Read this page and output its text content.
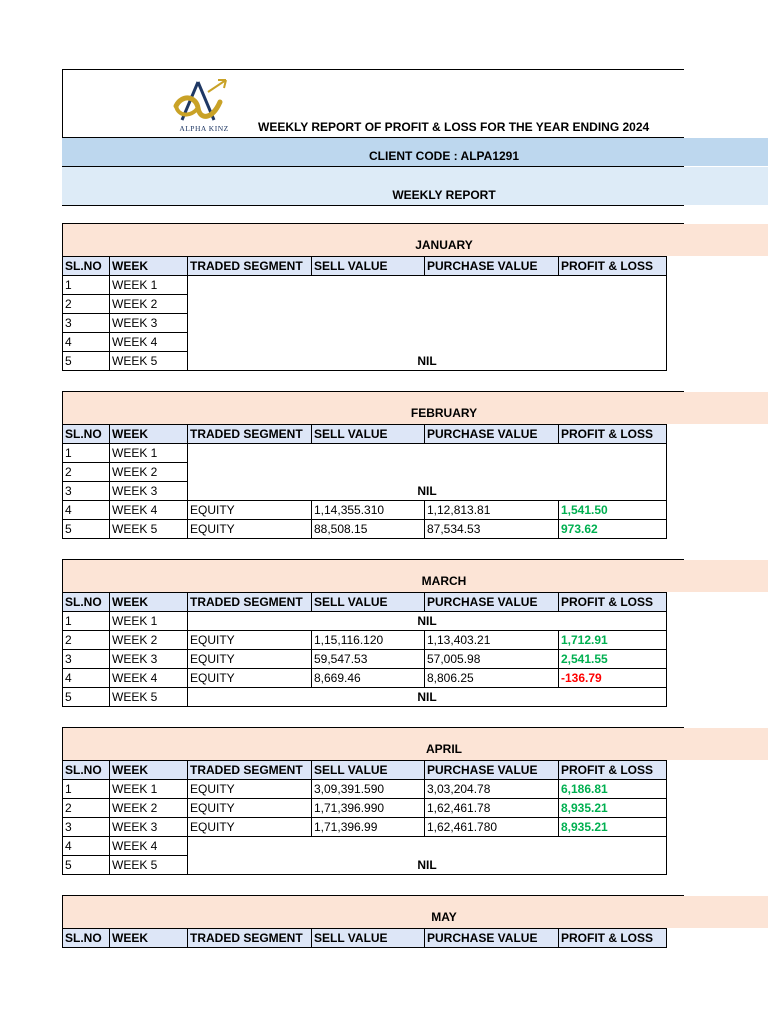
ALPHA KINZ WEEKLY REPORT OF PROFIT & LOSS FOR THE YEAR ENDING 2024
CLIENT CODE : ALPA1291
WEEKLY REPORT
JANUARY
SL.NO	WEEK	TRADED SEGMENT	SELL VALUE	PURCHASE VALUE	PROFIT & LOSS
1	WEEK 1	NIL			
2	WEEK 2				
3	WEEK 3				
4	WEEK 4				
5	WEEK 5				
FEBRUARY
SL.NO	WEEK	TRADED SEGMENT	SELL VALUE	PURCHASE VALUE	PROFIT & LOSS
1	WEEK 1	NIL			
2	WEEK 2				
3	WEEK 3				
4	WEEK 4	EQUITY	1,14,355.310	1,12,813.81	1,541.50
5	WEEK 5	EQUITY	88,508.15	87,534.53	973.62
MARCH
SL.NO	WEEK	TRADED SEGMENT	SELL VALUE	PURCHASE VALUE	PROFIT & LOSS
1	WEEK 1	NIL			
2	WEEK 2	EQUITY	1,15,116.120	1,13,403.21	1,712.91
3	WEEK 3	EQUITY	59,547.53	57,005.98	2,541.55
4	WEEK 4	EQUITY	8,669.46	8,806.25	-136.79
5	WEEK 5	NIL			
APRIL
SL.NO	WEEK	TRADED SEGMENT	SELL VALUE	PURCHASE VALUE	PROFIT & LOSS
1	WEEK 1	EQUITY	3,09,391.590	3,03,204.78	6,186.81
2	WEEK 2	EQUITY	1,71,396.990	1,62,461.78	8,935.21
3	WEEK 3	EQUITY	1,71,396.99	1,62,461.780	8,935.21
4	WEEK 4	NIL			
5	WEEK 5				
MAY
SL.NO	WEEK	TRADED SEGMENT	SELL VALUE	PURCHASE VALUE	PROFIT & LOSS
